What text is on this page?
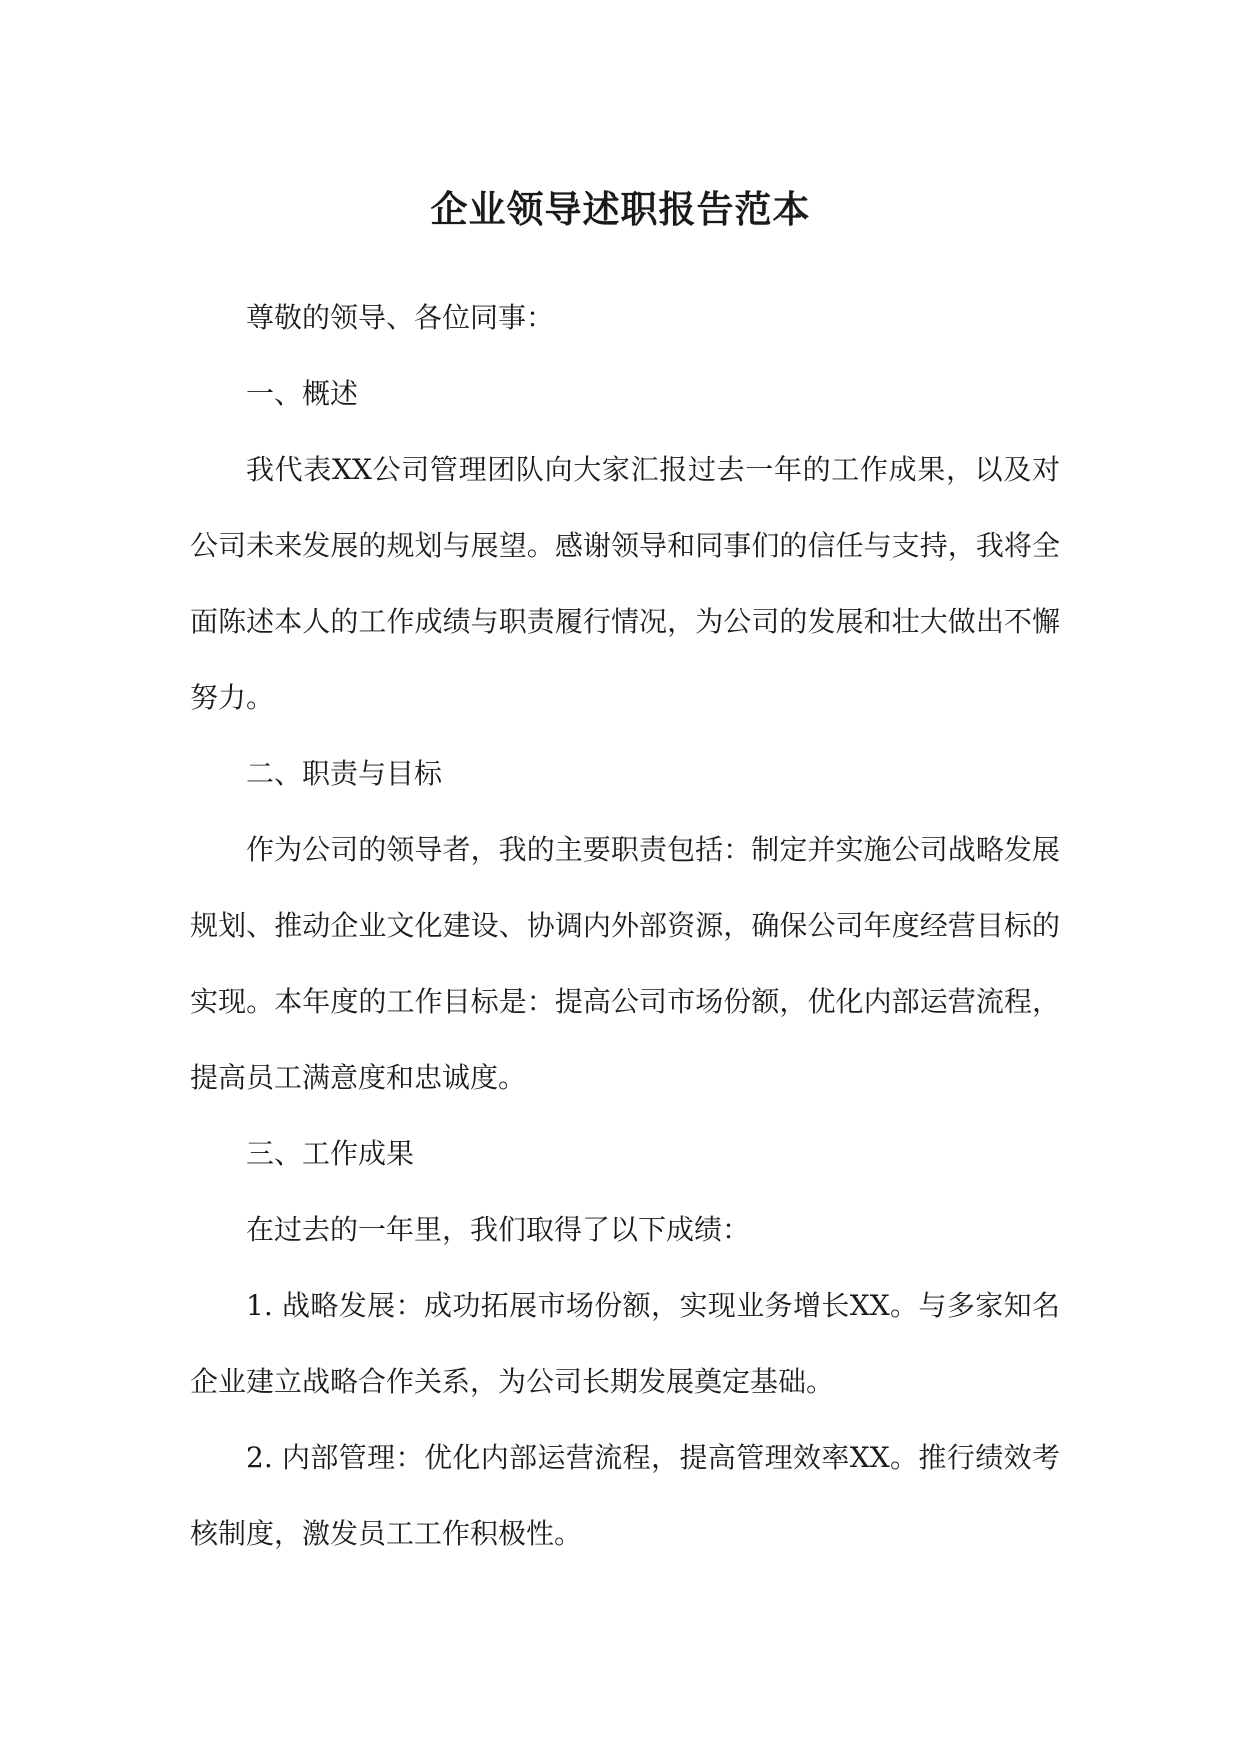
企业领导述职报告范本

尊敬的领导、各位同事：

一、概述

我代表XX公司管理团队向大家汇报过去一年的工作成果，以及对公司未来发展的规划与展望。感谢领导和同事们的信任与支持，我将全面陈述本人的工作成绩与职责履行情况，为公司的发展和壮大做出不懈努力。

二、职责与目标

作为公司的领导者，我的主要职责包括：制定并实施公司战略发展规划、推动企业文化建设、协调内外部资源，确保公司年度经营目标的实现。本年度的工作目标是：提高公司市场份额，优化内部运营流程，提高员工满意度和忠诚度。

三、工作成果

在过去的一年里，我们取得了以下成绩：

1. 战略发展：成功拓展市场份额，实现业务增长XX。与多家知名企业建立战略合作关系，为公司长期发展奠定基础。

2. 内部管理：优化内部运营流程，提高管理效率XX。推行绩效考核制度，激发员工工作积极性。
